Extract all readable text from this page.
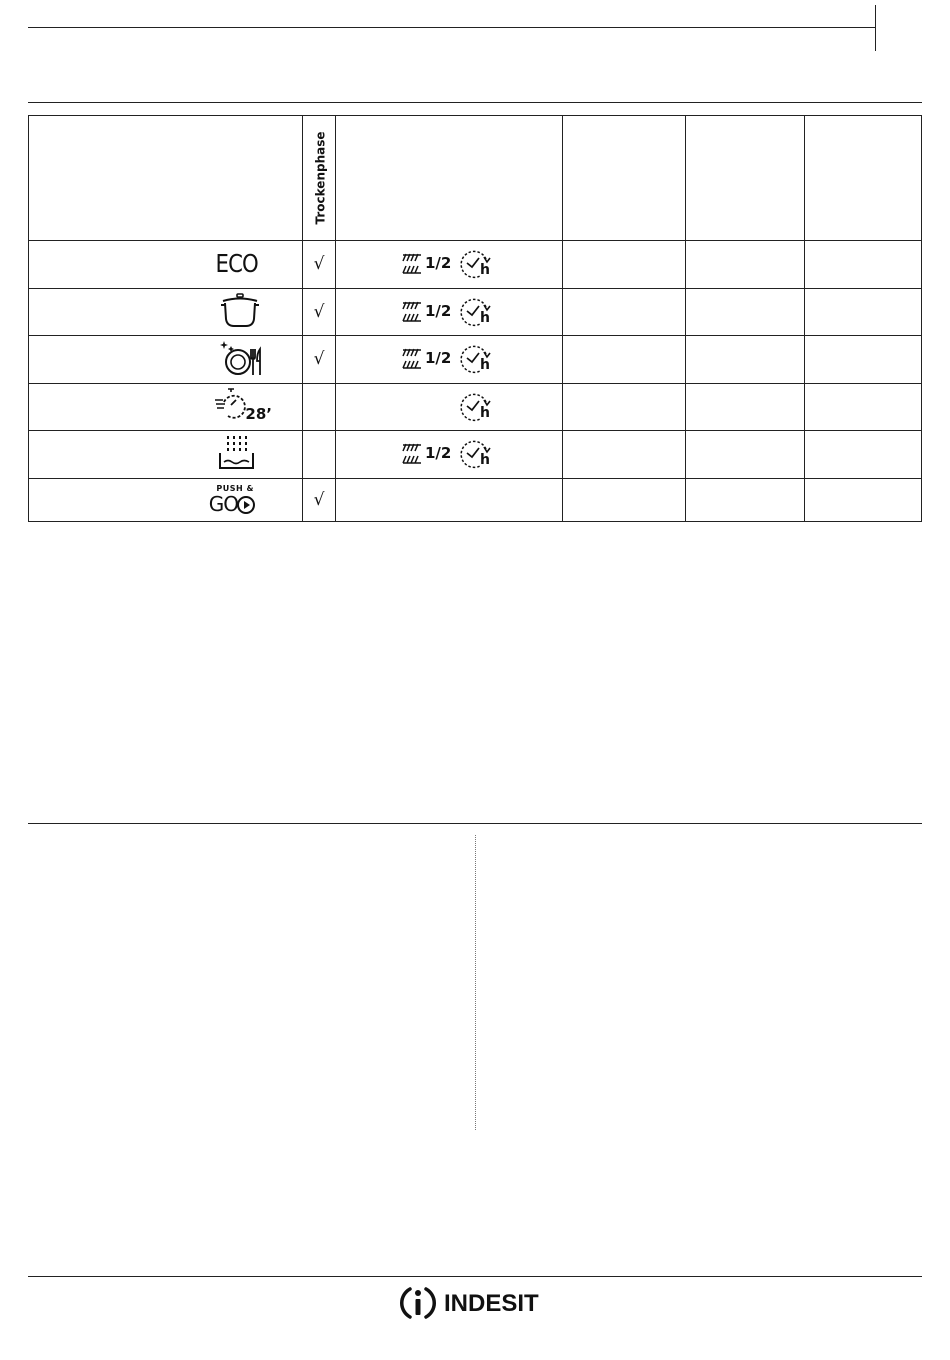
Trockenphase
ECO	√
√
√
28’
PUSH &
GO	√
1/2 h
1/2 h
1/2 h
h
1/2 h
INDESIT
